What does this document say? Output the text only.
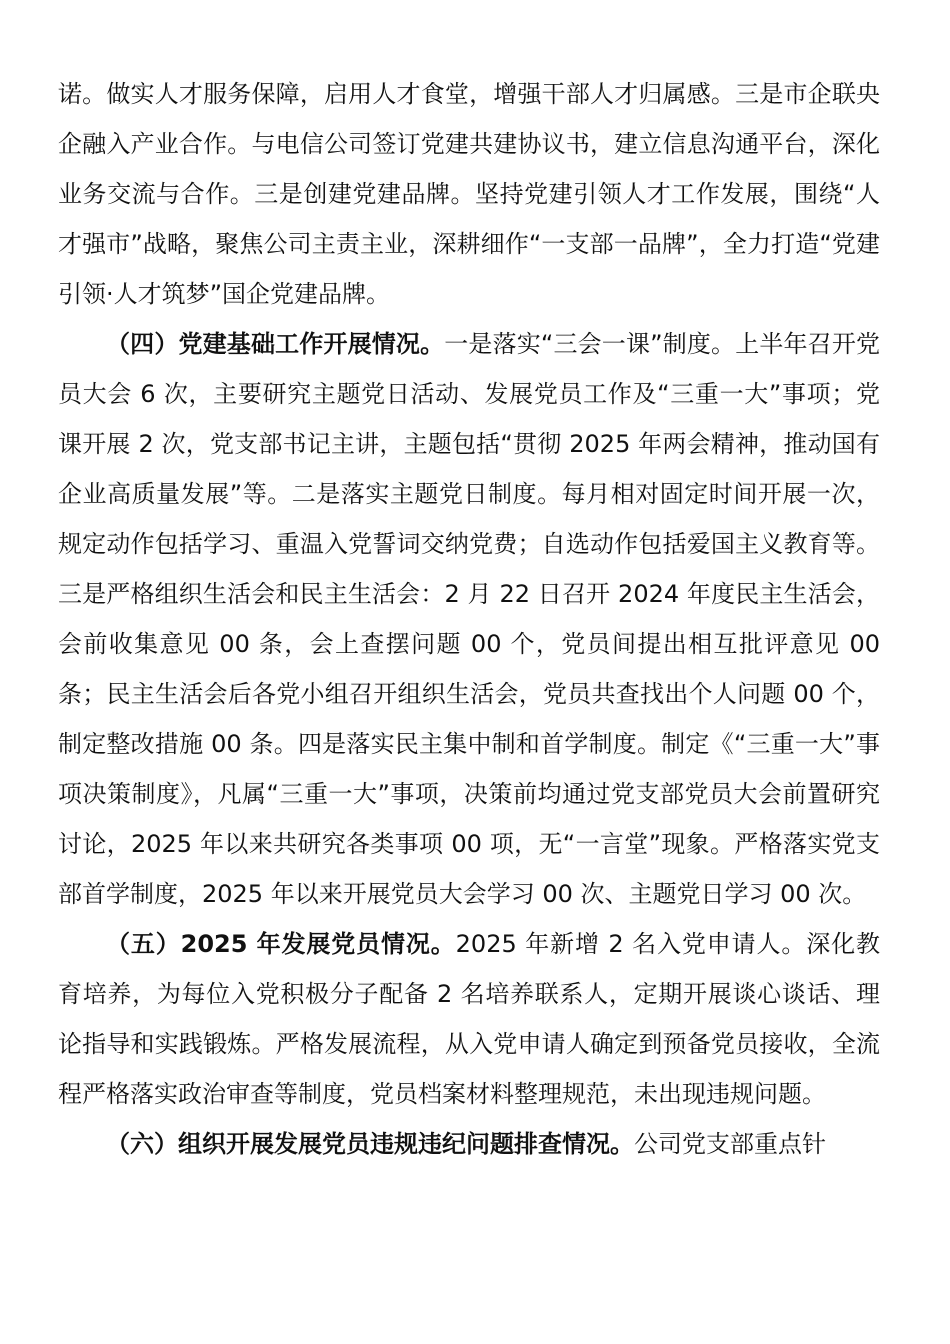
诺。做实人才服务保障，启用人才食堂，增强干部人才归属感。三是市企联央企融入产业合作。与电信公司签订党建共建协议书，建立信息沟通平台，深化业务交流与合作。三是创建党建品牌。坚持党建引领人才工作发展，围绕“人才强市”战略，聚焦公司主责主业，深耕细作“一支部一品牌”，全力打造“党建引领·人才筑梦”国企党建品牌。

（四）党建基础工作开展情况。一是落实“三会一课”制度。上半年召开党员大会 6 次，主要研究主题党日活动、发展党员工作及“三重一大”事项；党课开展 2 次，党支部书记主讲，主题包括“贯彻 2025 年两会精神，推动国有企业高质量发展”等。二是落实主题党日制度。每月相对固定时间开展一次，规定动作包括学习、重温入党誓词交纳党费；自选动作包括爱国主义教育等。三是严格组织生活会和民主生活会：2 月 22 日召开 2024 年度民主生活会，会前收集意见 00 条，会上查摆问题 00 个，党员间提出相互批评意见 00 条；民主生活会后各党小组召开组织生活会，党员共查找出个人问题 00 个，制定整改措施 00 条。四是落实民主集中制和首学制度。制定《“三重一大”事项决策制度》，凡属“三重一大”事项，决策前均通过党支部党员大会前置研究讨论，2025 年以来共研究各类事项 00 项，无“一言堂”现象。严格落实党支部首学制度，2025 年以来开展党员大会学习 00 次、主题党日学习 00 次。

（五）2025 年发展党员情况。2025 年新增 2 名入党申请人。深化教育培养，为每位入党积极分子配备 2 名培养联系人，定期开展谈心谈话、理论指导和实践锻炼。严格发展流程，从入党申请人确定到预备党员接收，全流程严格落实政治审查等制度，党员档案材料整理规范，未出现违规问题。

（六）组织开展发展党员违规违纪问题排查情况。公司党支部重点针
